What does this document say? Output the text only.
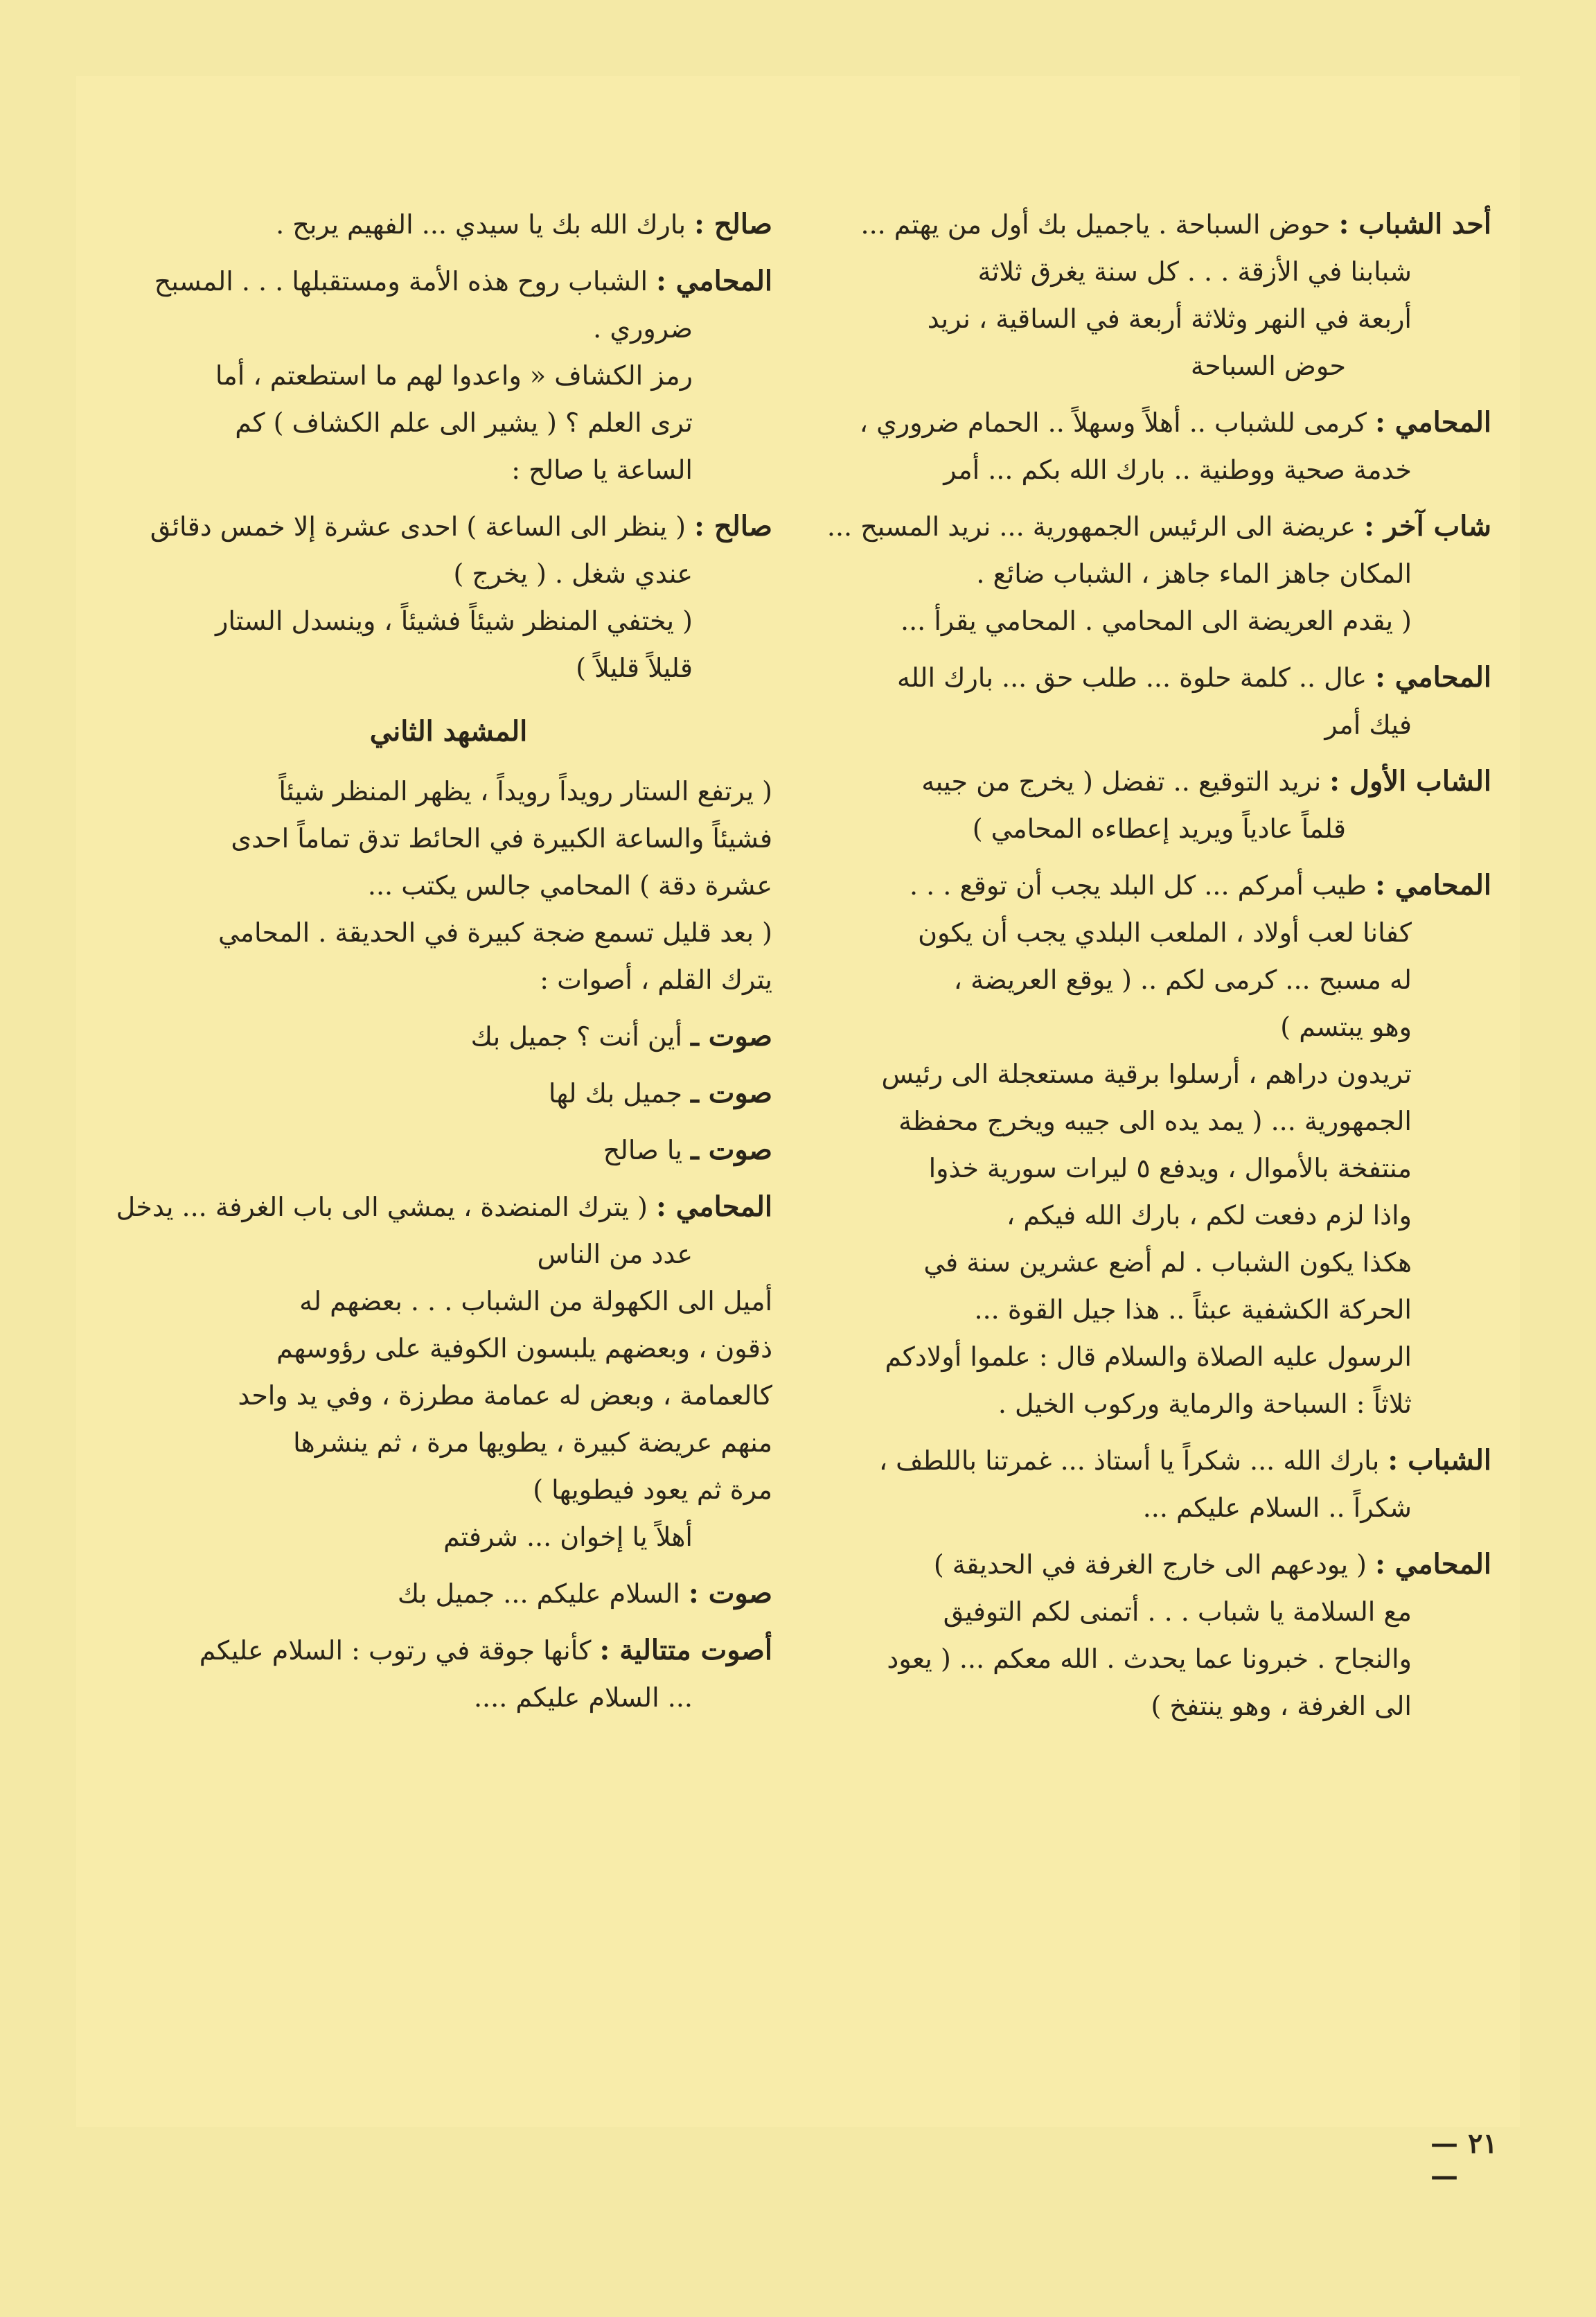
أحد الشباب : حوض السباحة . ياجميل بك أول من يهتم ...
شبابنا في الأزقة . . . كل سنة يغرق ثلاثة
أربعة في النهر وثلاثة أربعة في الساقية ، نريد
حوض السباحة
المحامي : كرمى للشباب .. أهلاً وسهلاً .. الحمام ضروري ،
خدمة صحية ووطنية .. بارك الله بكم ... أمر
شاب آخر : عريضة الى الرئيس الجمهورية ... نريد المسبح ...
المكان جاهز الماء جاهز ، الشباب ضائع .
( يقدم العريضة الى المحامي . المحامي يقرأ ...
المحامي : عال .. كلمة حلوة ... طلب حق ... بارك الله
فيك أمر
الشاب الأول : نريد التوقيع .. تفضل ( يخرج من جيبه
قلماً عادياً ويريد إعطاءه المحامي )
المحامي : طيب أمركم ... كل البلد يجب أن توقع . . .
كفانا لعب أولاد ، الملعب البلدي يجب أن يكون
له مسبح ... كرمى لكم .. ( يوقع العريضة ،
وهو يبتسم )
تريدون دراهم ، أرسلوا برقية مستعجلة الى رئيس
الجمهورية ... ( يمد يده الى جيبه ويخرج محفظة
منتفخة بالأموال ، ويدفع ٥ ليرات سورية خذوا
واذا لزم دفعت لكم ، بارك الله فيكم ،
هكذا يكون الشباب . لم أضع عشرين سنة في
الحركة الكشفية عبثاً .. هذا جيل القوة ...
الرسول عليه الصلاة والسلام قال : علموا أولادكم
ثلاثاً : السباحة والرماية وركوب الخيل .
الشباب : بارك الله ... شكراً يا أستاذ ... غمرتنا باللطف ،
شكراً .. السلام عليكم ...
المحامي : ( يودعهم الى خارج الغرفة في الحديقة )
مع السلامة يا شباب . . . أتمنى لكم التوفيق
والنجاح . خبرونا عما يحدث . الله معكم ... ( يعود
الى الغرفة ، وهو ينتفخ )
صالح : بارك الله بك يا سيدي ... الفهيم يربح .
المحامي : الشباب روح هذه الأمة ومستقبلها . . . المسبح
ضروري .
رمز الكشاف « واعدوا لهم ما استطعتم ، أما
ترى العلم ؟ ( يشير الى علم الكشاف ) كم
الساعة يا صالح :
صالح : ( ينظر الى الساعة ) احدى عشرة إلا خمس دقائق
عندي شغل . ( يخرج )
( يختفي المنظر شيئاً فشيئاً ، وينسدل الستار
قليلاً قليلاً )
المشهد الثاني
( يرتفع الستار رويداً رويداً ، يظهر المنظر شيئاً
فشيئاً والساعة الكبيرة في الحائط تدق تماماً احدى
عشرة دقة ) المحامي جالس يكتب ...
( بعد قليل تسمع ضجة كبيرة في الحديقة . المحامي
يترك القلم ، أصوات :
صوت ـ أين أنت ؟ جميل بك
صوت ـ جميل بك لها
صوت ـ يا صالح
المحامي : ( يترك المنضدة ، يمشي الى باب الغرفة ... يدخل
عدد من الناس
أميل الى الكهولة من الشباب . . . بعضهم له
ذقون ، وبعضهم يلبسون الكوفية على رؤوسهم
كالعمامة ، وبعض له عمامة مطرزة ، وفي يد واحد
منهم عريضة كبيرة ، يطويها مرة ، ثم ينشرها
مرة ثم يعود فيطويها )
أهلاً يا إخوان ... شرفتم
صوت : السلام عليكم ... جميل بك
أصوت متتالية : كأنها جوقة في رتوب : السلام عليكم
... السلام عليكم ....
— ٢١ —
